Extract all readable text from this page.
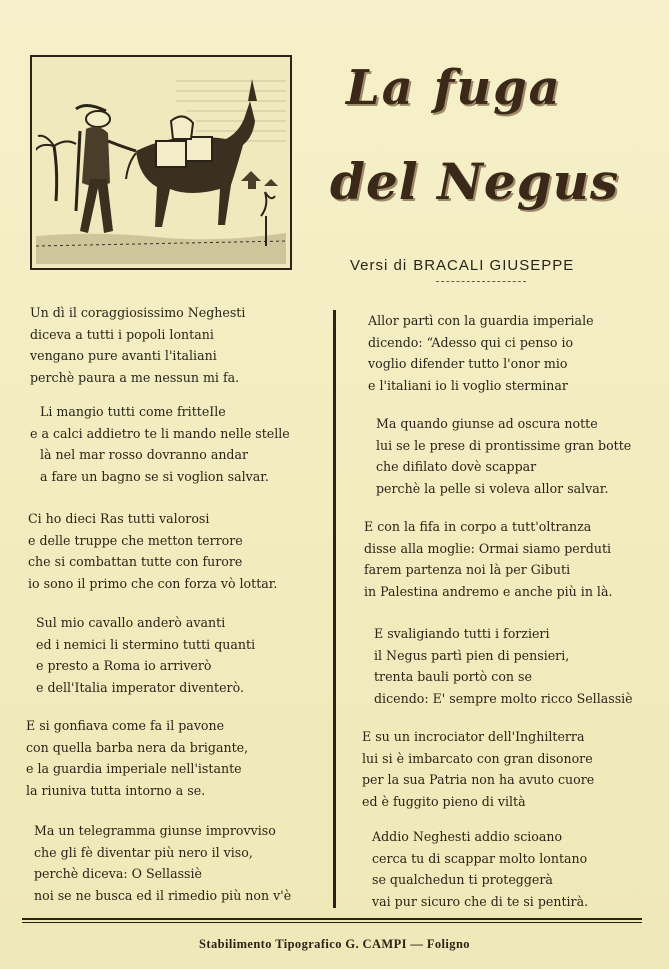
La fuga
del Negus
Versi di BRACALI GIUSEPPE
Un dì il coraggiosissimo Neghesti
diceva a tutti i popoli lontani
vengano pure avanti l'italiani
perchè paura a me nessun mi fa.
Li mangio tutti come fritteIle
e a calci addietro te li mando nelle stelle
là nel mar rosso dovranno andar
a fare un bagno se si voglion salvar.
Ci ho dieci Ras tutti valorosi
e delle truppe che metton terrore
che si combattan tutte con furore
io sono il primo che con forza vò lottar.
Sul mio cavallo anderò avanti
ed i nemici li stermino tutti quanti
e presto a Roma io arriverò
e dell'Italia imperator diventerò.
E si gonfiava come fa il pavone
con quella barba nera da brigante,
e la guardia imperiale nell'istante
la riuniva tutta intorno a se.
Ma un telegramma giunse improvviso
che gli fè diventar più nero il viso,
perchè diceva: O Sellassiè
noi se ne busca ed il rimedio più non v'è
Allor partì con la guardia imperiale
dicendo: “Adesso qui ci penso io
voglio difender tutto l'onor mio
e l'italiani io li voglio sterminar
Ma quando giunse ad oscura notte
lui se le prese di prontissime gran botte
che difilato dovè scappar
perchè la pelle si voleva allor salvar.
E con la fifa in corpo a tutt'oltranza
disse alla moglie: Ormai siamo perduti
farem partenza noi là per Gibuti
in Palestina andremo e anche più in là.
E svaligiando tutti i forzieri
il Negus partì pien di pensieri,
trenta bauli portò con se
dicendo: E' sempre molto ricco Sellassiè
E su un incrociator dell'Inghilterra
lui si è imbarcato con gran disonore
per la sua Patria non ha avuto cuore
ed è fuggito pieno di viltà
Addio Neghesti addio scioano
cerca tu di scappar molto lontano
se qualchedun ti proteggerà
vai pur sicuro che di te si pentirà.
Stabilimento Tipografico G. CAMPI — Foligno
